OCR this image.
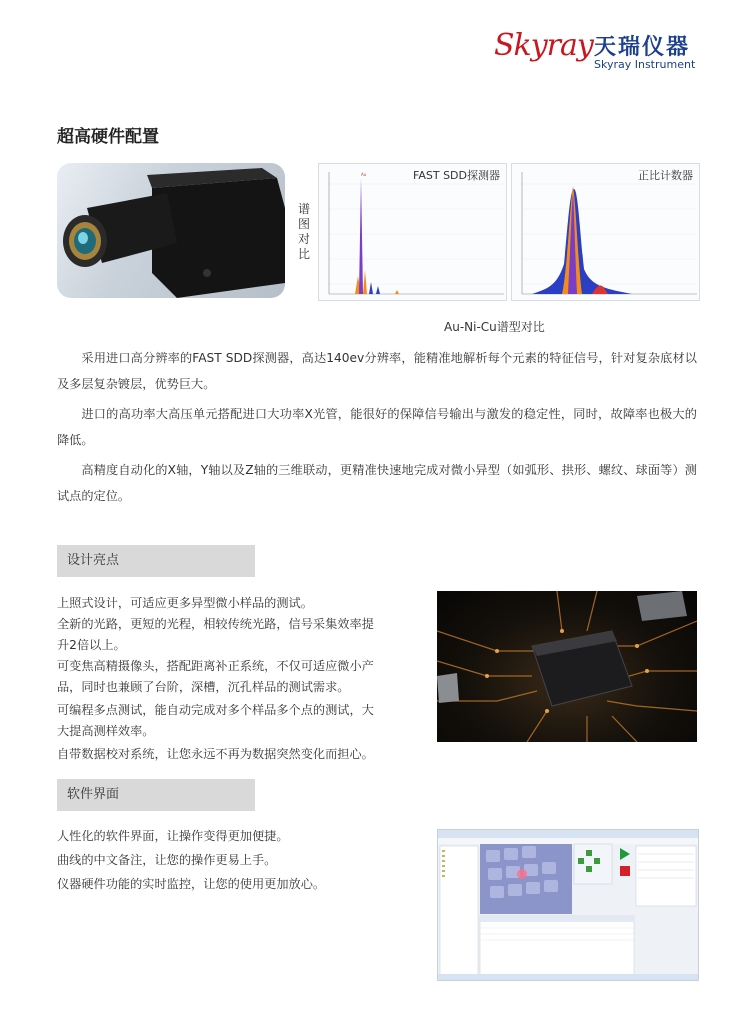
Skyray 天瑞仪器
Skyray Instrument
超高硬件配置
谱图对比
Au	FAST SDD探测器	正比计数器
Au-Ni-Cu谱型对比

采用进口高分辨率的FAST SDD探测器，高达140ev分辨率，能精准地解析每个元素的特征信号，针对复杂底材以及多层复杂镀层，优势巨大。

进口的高功率大高压单元搭配进口大功率X光管，能很好的保障信号输出与激发的稳定性，同时，故障率也极大的降低。

高精度自动化的X轴，Y轴以及Z轴的三维联动，更精准快速地完成对微小异型（如弧形、拱形、螺纹、球面等）测试点的定位。

设计亮点
上照式设计，可适应更多异型微小样品的测试。
全新的光路，更短的光程，相较传统光路，信号采集效率提
升2倍以上。
可变焦高精摄像头，搭配距离补正系统，不仅可适应微小产
品，同时也兼顾了台阶，深槽，沉孔样品的测试需求。
可编程多点测试，能自动完成对多个样品多个点的测试，大
大提高测样效率。
自带数据校对系统，让您永远不再为数据突然变化而担心。
软件界面
人性化的软件界面，让操作变得更加便捷。
曲线的中文备注，让您的操作更易上手。
仪器硬件功能的实时监控，让您的使用更加放心。
